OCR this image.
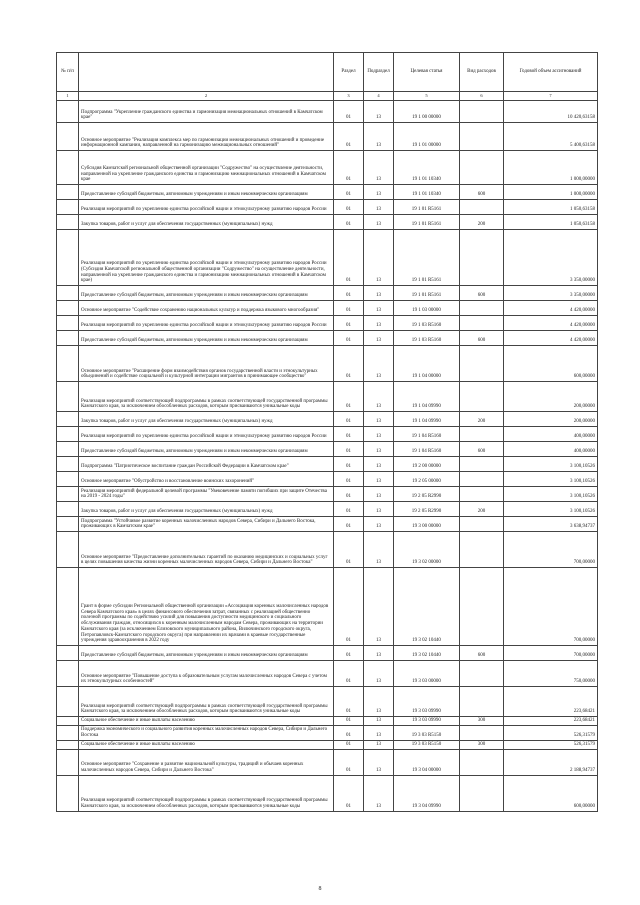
№ п/п		Раздел	Подраздел	Целевая статья	Вид расходов	Годовой объем ассигнований
1	2	3	4	5	6	7
	Подпрограмма "Укрепление гражданского единства и гармонизация межнациональных отношений в Камчатском крае"	01	13	19 1 00 00000		10 420,63158
	Основное мероприятие "Реализация комплекса мер по гармонизации межнациональных отношений и проведение информационной кампании, направленной на гармонизацию межнациональных отношений"	01	13	19 1 01 00000		5 400,63158
	Субсидия Камчатской региональной общественной организации "Содружество" на осуществление деятельности, направленной на укрепление гражданского единства и гармонизацию межнациональных отношений в Камчатском крае	01	13	19 1 01 10340		1 000,00000
	Предоставление субсидий бюджетным, автономным учреждениям и иным некоммерческим организациям	01	13	19 1 01 10340	600	1 000,00000
	Реализация мероприятий по укреплению единства российской нации и этнокультурному развитию народов России	01	13	19 1 01 R5161		1 050,63158
	Закупка товаров, работ и услуг для обеспечения государственных (муниципальных) нужд	01	13	19 1 01 R5161	200	1 050,63158
	Реализация мероприятий по укреплению единства российской нации и этнокультурному развитию народов России (Субсидия Камчатской региональной общественной организации "Содружество" на осуществление деятельности, направленной на укрепление гражданского единства и гармонизацию межнациональных отношений в Камчатском крае)	01	13	19 1 01 R5161		3 350,00000
	Предоставление субсидий бюджетным, автономным учреждениям и иным некоммерческим организациям	01	13	19 1 01 R5161	600	3 350,00000
	Основное мероприятие "Содействие сохранению национальных культур и поддержка языкового многообразия"	01	13	19 1 03 00000		4 420,00000
	Реализация мероприятий по укреплению единства российской нации и этнокультурному развитию народов России	01	13	19 1 03 R5160		4 420,00000
	Предоставление субсидий бюджетным, автономным учреждениям и иным некоммерческим организациям	01	13	19 1 03 R5160	600	4 420,00000
	Основное мероприятие "Расширение форм взаимодействия органов государственной власти и этнокультурных объединений и содействие социальной и культурной интеграции мигрантов в принимающее сообщество"	01	13	19 1 04 00000		600,00000
	Реализация мероприятий соответствующей подпрограммы в рамках соответствующей государственной программы Камчатского края, за исключением обособленных расходов, которым присваиваются уникальные коды	01	13	19 1 04 09990		200,00000
	Закупка товаров, работ и услуг для обеспечения государственных (муниципальных) нужд	01	13	19 1 04 09990	200	200,00000
	Реализация мероприятий по укреплению единства российской нации и этнокультурному развитию народов России	01	13	19 1 04 R5160		400,00000
	Предоставление субсидий бюджетным, автономным учреждениям и иным некоммерческим организациям	01	13	19 1 04 R5160	600	400,00000
	Подпрограмма "Патриотическое воспитание граждан Российской Федерации в Камчатском крае"	01	13	19 2 00 00000		3 100,10526
	Основное мероприятие "Обустройство и восстановление воинских захоронений"	01	13	19 2 05 00000		3 100,10526
	Реализация мероприятий федеральной целевой программы "Увековечение памяти погибших при защите Отечества на 2019 - 2024 годы"	01	13	19 2 05 R2990		3 100,10526
	Закупка товаров, работ и услуг для обеспечения государственных (муниципальных) нужд	01	13	19 2 05 R2990	200	3 100,10526
	Подпрограмма "Устойчивое развитие коренных малочисленных народов Севера, Сибири и Дальнего Востока, проживающих в Камчатском крае"	01	13	19 3 00 00000		3 638,94737
	Основное мероприятие "Предоставление дополнительных гарантий по оказанию медицинских и социальных услуг в целях повышения качества жизни коренных малочисленных народов Севера, Сибири и Дальнего Востока"	01	13	19 3 02 00000		700,00000
	Грант в форме субсидии Региональной общественной организации «Ассоциация коренных малочисленных народов Севера Камчатского края» в целях финансового обеспечения затрат, связанных с реализацией общественно полезной программы по содействию усилий для повышения доступности медицинского и социального обслуживания граждан, относящихся к коренным малочисленным народам Севера, проживающих на территории Камчатского края (за исключением Елизовского муниципального района, Вилючинского городского округа, Петропавловск-Камчатского городского округа) при направлении их врачами в краевые государственные учреждения здравоохранения в 2022 году	01	13	19 3 02 10440		700,00000
	Предоставление субсидий бюджетным, автономным учреждениям и иным некоммерческим организациям	01	13	19 3 02 10440	600	700,00000
	Основное мероприятие "Повышение доступа к образовательным услугам малочисленных народов Севера с учетом их этнокультурных особенностей"	01	13	19 3 03 00000		750,00000
	Реализация мероприятий соответствующей подпрограммы в рамках соответствующей государственной программы Камчатского края, за исключением обособленных расходов, которым присваиваются уникальные коды	01	13	19 3 03 09990		223,68421
	Социальное обеспечение и иные выплаты населению	01	13	19 3 03 09990	300	223,68421
	Поддержка экономического и социального развития коренных малочисленных народов Севера, Сибири и Дальнего Востока	01	13	19 3 03 R5150		526,31579
	Социальное обеспечение и иные выплаты населению	01	13	19 3 03 R5150	300	526,31579
	Основное мероприятие "Сохранение и развитие национальной культуры, традиций и обычаев коренных малочисленных народов Севера, Сибири и Дальнего Востока"	01	13	19 3 04 00000		2 188,94737
	Реализация мероприятий соответствующей подпрограммы в рамках соответствующей государственной программы Камчатского края, за исключением обособленных расходов, которым присваиваются уникальные коды	01	13	19 3 04 09990		600,00000
8
